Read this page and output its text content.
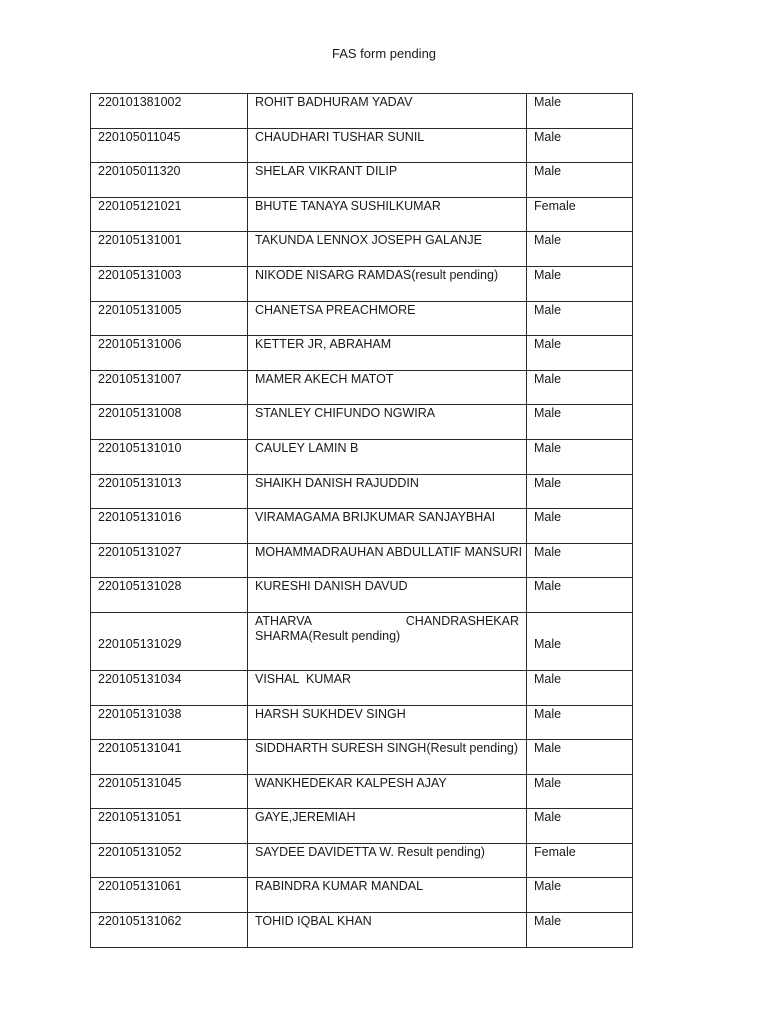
FAS form pending
220101381002	ROHIT BADHURAM YADAV	Male
220105011045	CHAUDHARI TUSHAR SUNIL	Male
220105011320	SHELAR VIKRANT DILIP	Male
220105121021	BHUTE TANAYA SUSHILKUMAR	Female
220105131001	TAKUNDA LENNOX JOSEPH GALANJE	Male
220105131003	NIKODE NISARG RAMDAS(result pending)	Male
220105131005	CHANETSA PREACHMORE	Male
220105131006	KETTER JR, ABRAHAM	Male
220105131007	MAMER AKECH MATOT	Male
220105131008	STANLEY CHIFUNDO NGWIRA	Male
220105131010	CAULEY LAMIN B	Male
220105131013	SHAIKH DANISH RAJUDDIN	Male
220105131016	VIRAMAGAMA BRIJKUMAR SANJAYBHAI	Male
220105131027	MOHAMMADRAUHAN ABDULLATIF MANSURI	Male
220105131028	KURESHI DANISH DAVUD	Male
220105131029	ATHARVA CHANDRASHEKAR SHARMA(Result pending)	Male
220105131034	VISHAL  KUMAR	Male
220105131038	HARSH SUKHDEV SINGH	Male
220105131041	SIDDHARTH SURESH SINGH(Result pending)	Male
220105131045	WANKHEDEKAR KALPESH AJAY	Male
220105131051	GAYE,JEREMIAH	Male
220105131052	SAYDEE DAVIDETTA W. Result pending)	Female
220105131061	RABINDRA KUMAR MANDAL	Male
220105131062	TOHID IQBAL KHAN	Male
